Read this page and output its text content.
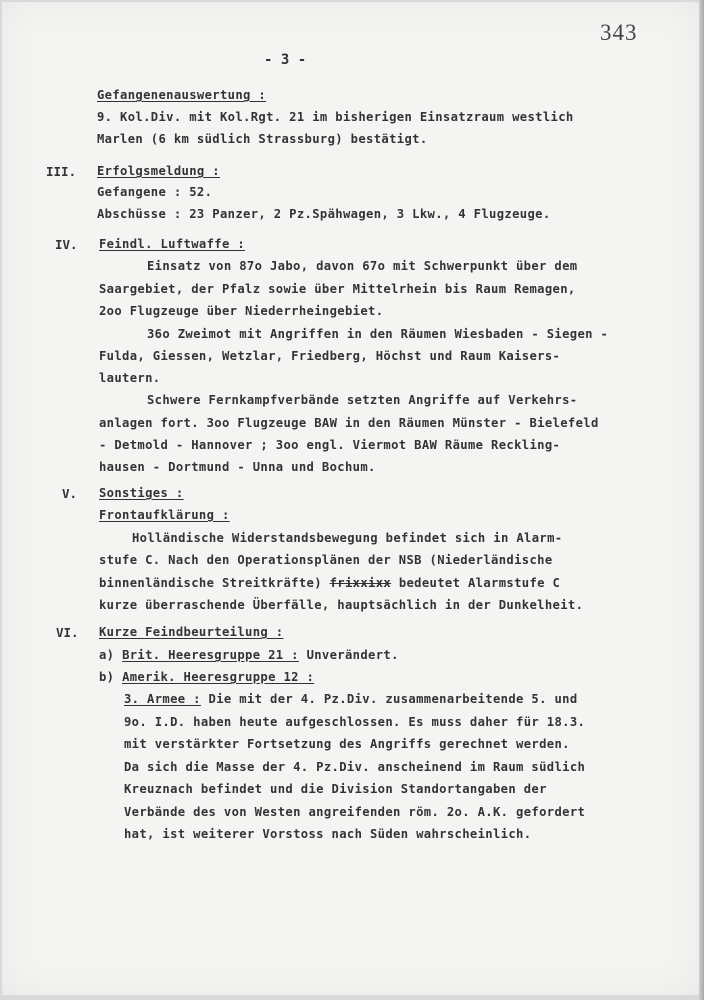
343
- 3 -
Gefangenenauswertung :
9. Kol.Div. mit Kol.Rgt. 21 im bisherigen Einsatzraum westlich
Marlen (6 km südlich Strassburg) bestätigt.
III. Erfolgsmeldung :
Gefangene : 52.
Abschüsse : 23 Panzer, 2 Pz.Spähwagen, 3 Lkw., 4 Flugzeuge.
IV. Feindl. Luftwaffe :
Einsatz von 87o Jabo, davon 67o mit Schwerpunkt über dem
Saargebiet, der Pfalz sowie über Mittelrhein bis Raum Remagen,
2oo Flugzeuge über Niederrheingebiet.
36o Zweimot mit Angriffen in den Räumen Wiesbaden - Siegen -
Fulda, Giessen, Wetzlar, Friedberg, Höchst und Raum Kaisers-
lautern.
Schwere Fernkampfverbände setzten Angriffe auf Verkehrs-
anlagen fort. 3oo Flugzeuge BAW in den Räumen Münster - Bielefeld
- Detmold - Hannover ; 3oo engl. Viermot BAW Räume Reckling-
hausen - Dortmund - Unna und Bochum.
V. Sonstiges :
Frontaufklärung :
Holländische Widerstandsbewegung befindet sich in Alarm-
stufe C. Nach den Operationsplänen der NSB (Niederländische
binnenländische Streitkräfte) frixxixx bedeutet Alarmstufe C
kurze überraschende Überfälle, hauptsächlich in der Dunkelheit.
VI. Kurze Feindbeurteilung :
a) Brit. Heeresgruppe 21 : Unverändert.
b) Amerik. Heeresgruppe 12 :
3. Armee : Die mit der 4. Pz.Div. zusammenarbeitende 5. und
9o. I.D. haben heute aufgeschlossen. Es muss daher für 18.3.
mit verstärkter Fortsetzung des Angriffs gerechnet werden.
Da sich die Masse der 4. Pz.Div. anscheinend im Raum südlich
Kreuznach befindet und die Division Standortangaben der
Verbände des von Westen angreifenden röm. 2o. A.K. gefordert
hat, ist weiterer Vorstoss nach Süden wahrscheinlich.
